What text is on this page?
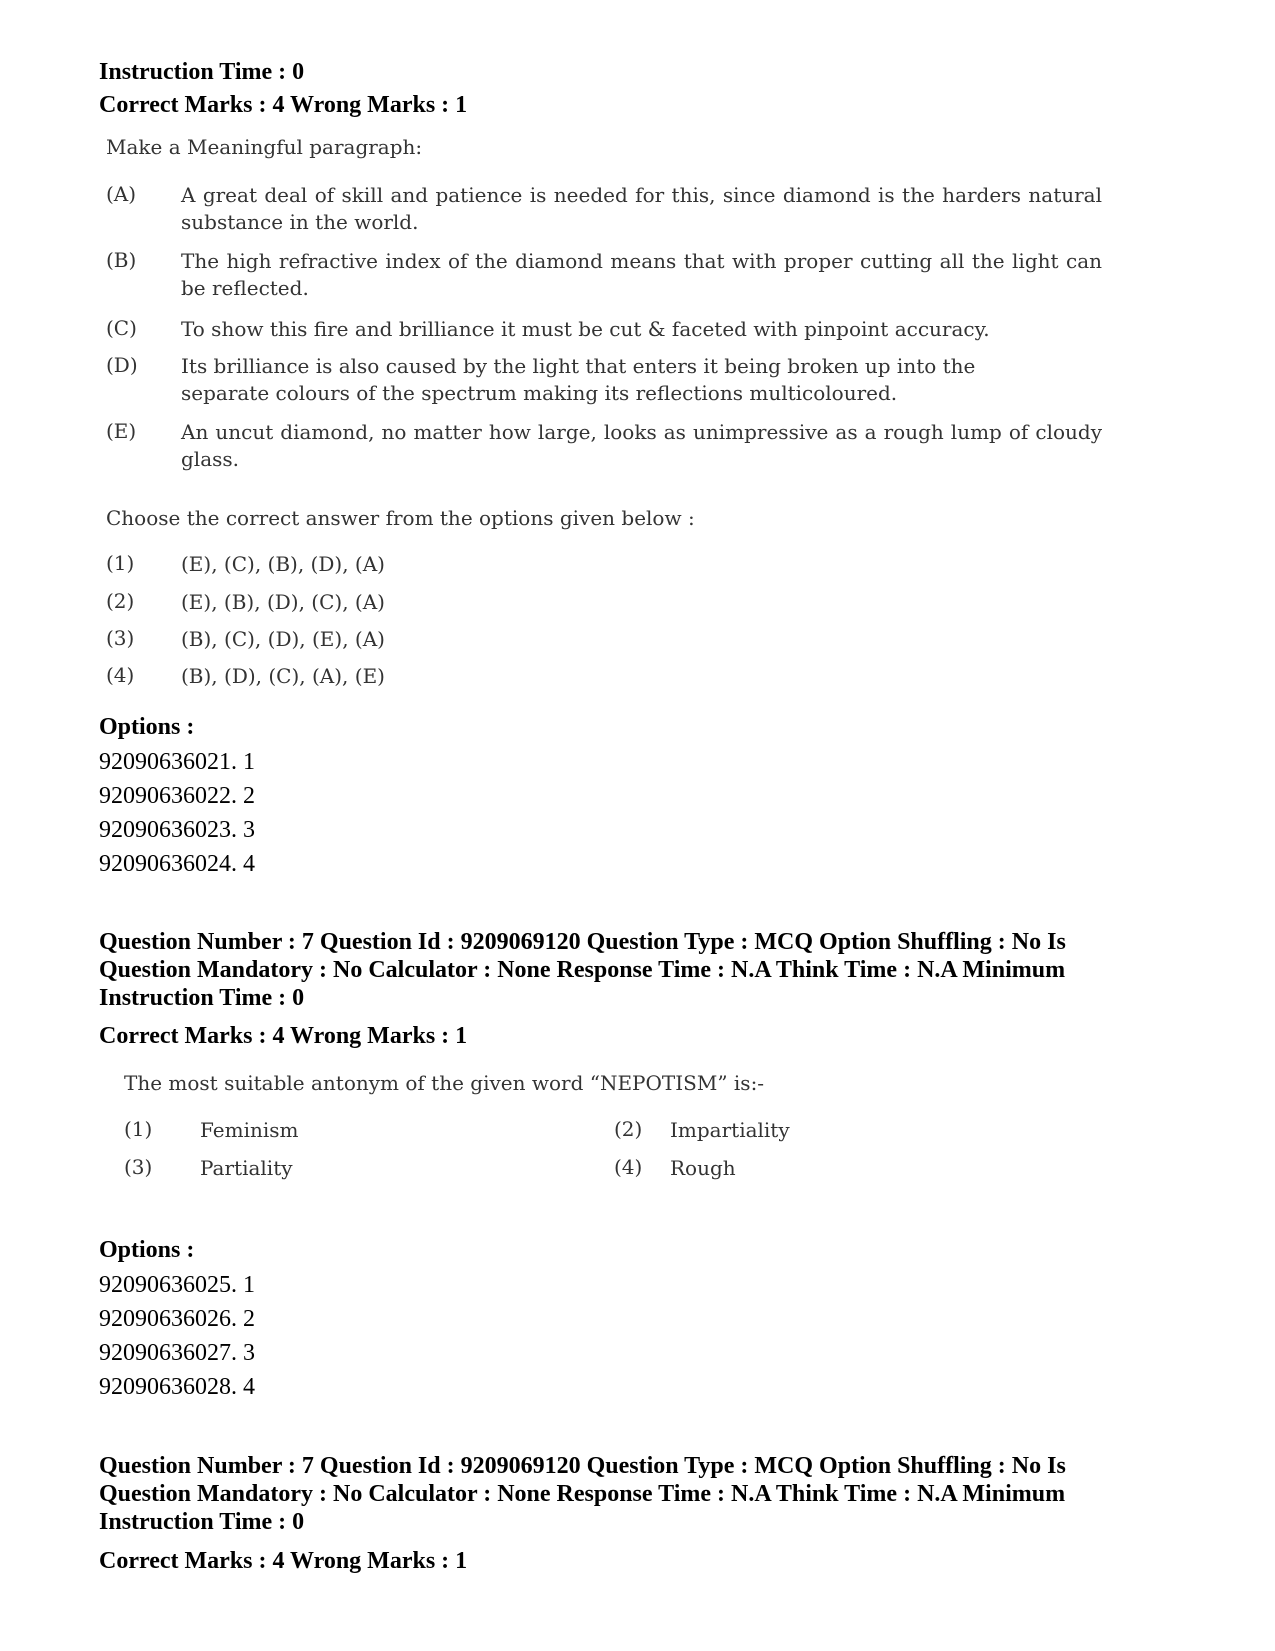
Instruction Time : 0
Correct Marks : 4 Wrong Marks : 1
Make a Meaningful paragraph:
(A) A great deal of skill and patience is needed for this, since diamond is the harders natural substance in the world.
(B) The high refractive index of the diamond means that with proper cutting all the light can be reflected.
(C) To show this fire and brilliance it must be cut & faceted with pinpoint accuracy.
(D) Its brilliance is also caused by the light that enters it being broken up into the separate colours of the spectrum making its reflections multicoloured.
(E) An uncut diamond, no matter how large, looks as unimpressive as a rough lump of cloudy glass.
Choose the correct answer from the options given below :
(1) (E), (C), (B), (D), (A)
(2) (E), (B), (D), (C), (A)
(3) (B), (C), (D), (E), (A)
(4) (B), (D), (C), (A), (E)
Options :
92090636021. 1
92090636022. 2
92090636023. 3
92090636024. 4
Question Number : 7 Question Id : 9209069120 Question Type : MCQ Option Shuffling : No Is Question Mandatory : No Calculator : None Response Time : N.A Think Time : N.A Minimum Instruction Time : 0
Correct Marks : 4 Wrong Marks : 1
The most suitable antonym of the given word “NEPOTISM” is:-
(1) Feminism	(2) Impartiality
(3) Partiality	(4) Rough
Options :
92090636025. 1
92090636026. 2
92090636027. 3
92090636028. 4
Question Number : 7 Question Id : 9209069120 Question Type : MCQ Option Shuffling : No Is Question Mandatory : No Calculator : None Response Time : N.A Think Time : N.A Minimum Instruction Time : 0
Correct Marks : 4 Wrong Marks : 1
